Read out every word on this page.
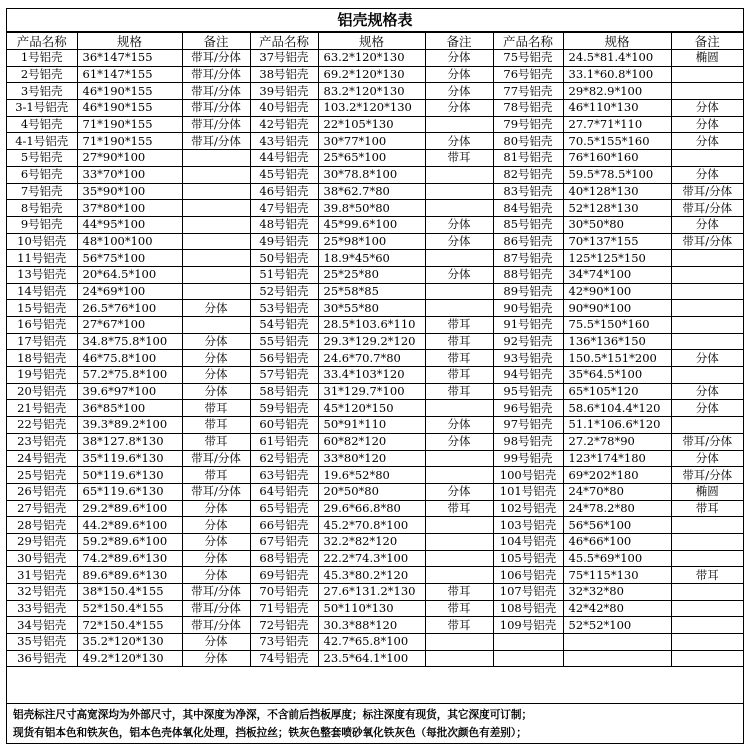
铝壳规格表
产品名称	规格	备注	产品名称	规格	备注	产品名称	规格	备注
1号铝壳	36*147*155	带耳/分体	37号铝壳	63.2*120*130	分体	75号铝壳	24.5*81.4*100	椭圆
2号铝壳	61*147*155	带耳/分体	38号铝壳	69.2*120*130	分体	76号铝壳	33.1*60.8*100	
3号铝壳	46*190*155	带耳/分体	39号铝壳	83.2*120*130	分体	77号铝壳	29*82.9*100	
3-1号铝壳	46*190*155	带耳/分体	40号铝壳	103.2*120*130	分体	78号铝壳	46*110*130	分体
4号铝壳	71*190*155	带耳/分体	42号铝壳	22*105*130		79号铝壳	27.7*71*110	分体
4-1号铝壳	71*190*155	带耳/分体	43号铝壳	30*77*100	分体	80号铝壳	70.5*155*160	分体
5号铝壳	27*90*100		44号铝壳	25*65*100	带耳	81号铝壳	76*160*160	
6号铝壳	33*70*100		45号铝壳	30*78.8*100		82号铝壳	59.5*78.5*100	分体
7号铝壳	35*90*100		46号铝壳	38*62.7*80		83号铝壳	40*128*130	带耳/分体
8号铝壳	37*80*100		47号铝壳	39.8*50*80		84号铝壳	52*128*130	带耳/分体
9号铝壳	44*95*100		48号铝壳	45*99.6*100	分体	85号铝壳	30*50*80	分体
10号铝壳	48*100*100		49号铝壳	25*98*100	分体	86号铝壳	70*137*155	带耳/分体
11号铝壳	56*75*100		50号铝壳	18.9*45*60		87号铝壳	125*125*150	
13号铝壳	20*64.5*100		51号铝壳	25*25*80	分体	88号铝壳	34*74*100	
14号铝壳	24*69*100		52号铝壳	25*58*85		89号铝壳	42*90*100	
15号铝壳	26.5*76*100	分体	53号铝壳	30*55*80		90号铝壳	90*90*100	
16号铝壳	27*67*100		54号铝壳	28.5*103.6*110	带耳	91号铝壳	75.5*150*160	
17号铝壳	34.8*75.8*100	分体	55号铝壳	29.3*129.2*120	带耳	92号铝壳	136*136*150	
18号铝壳	46*75.8*100	分体	56号铝壳	24.6*70.7*80	带耳	93号铝壳	150.5*151*200	分体
19号铝壳	57.2*75.8*100	分体	57号铝壳	33.4*103*120	带耳	94号铝壳	35*64.5*100	
20号铝壳	39.6*97*100	分体	58号铝壳	31*129.7*100	带耳	95号铝壳	65*105*120	分体
21号铝壳	36*85*100	带耳	59号铝壳	45*120*150		96号铝壳	58.6*104.4*120	分体
22号铝壳	39.3*89.2*100	带耳	60号铝壳	50*91*110	分体	97号铝壳	51.1*106.6*120	
23号铝壳	38*127.8*130	带耳	61号铝壳	60*82*120	分体	98号铝壳	27.2*78*90	带耳/分体
24号铝壳	35*119.6*130	带耳/分体	62号铝壳	33*80*120		99号铝壳	123*174*180	分体
25号铝壳	50*119.6*130	带耳	63号铝壳	19.6*52*80		100号铝壳	69*202*180	带耳/分体
26号铝壳	65*119.6*130	带耳/分体	64号铝壳	20*50*80	分体	101号铝壳	24*70*80	椭圆
27号铝壳	29.2*89.6*100	分体	65号铝壳	29.6*66.8*80	带耳	102号铝壳	24*78.2*80	带耳
28号铝壳	44.2*89.6*100	分体	66号铝壳	45.2*70.8*100		103号铝壳	56*56*100	
29号铝壳	59.2*89.6*100	分体	67号铝壳	32.2*82*120		104号铝壳	46*66*100	
30号铝壳	74.2*89.6*130	分体	68号铝壳	22.2*74.3*100		105号铝壳	45.5*69*100	
31号铝壳	89.6*89.6*130	分体	69号铝壳	45.3*80.2*120		106号铝壳	75*115*130	带耳
32号铝壳	38*150.4*155	带耳/分体	70号铝壳	27.6*131.2*130	带耳	107号铝壳	32*32*80	
33号铝壳	52*150.4*155	带耳/分体	71号铝壳	50*110*130	带耳	108号铝壳	42*42*80	
34号铝壳	72*150.4*155	带耳/分体	72号铝壳	30.3*88*120	带耳	109号铝壳	52*52*100	
35号铝壳	35.2*120*130	分体	73号铝壳	42.7*65.8*100				
36号铝壳	49.2*120*130	分体	74号铝壳	23.5*64.1*100				
铝壳标注尺寸高宽深均为外部尺寸，其中深度为净深，不含前后挡板厚度；标注深度有现货，其它深度可订制；
现货有铝本色和铁灰色，铝本色壳体氧化处理，挡板拉丝；铁灰色整套喷砂氧化铁灰色（每批次颜色有差别）；
